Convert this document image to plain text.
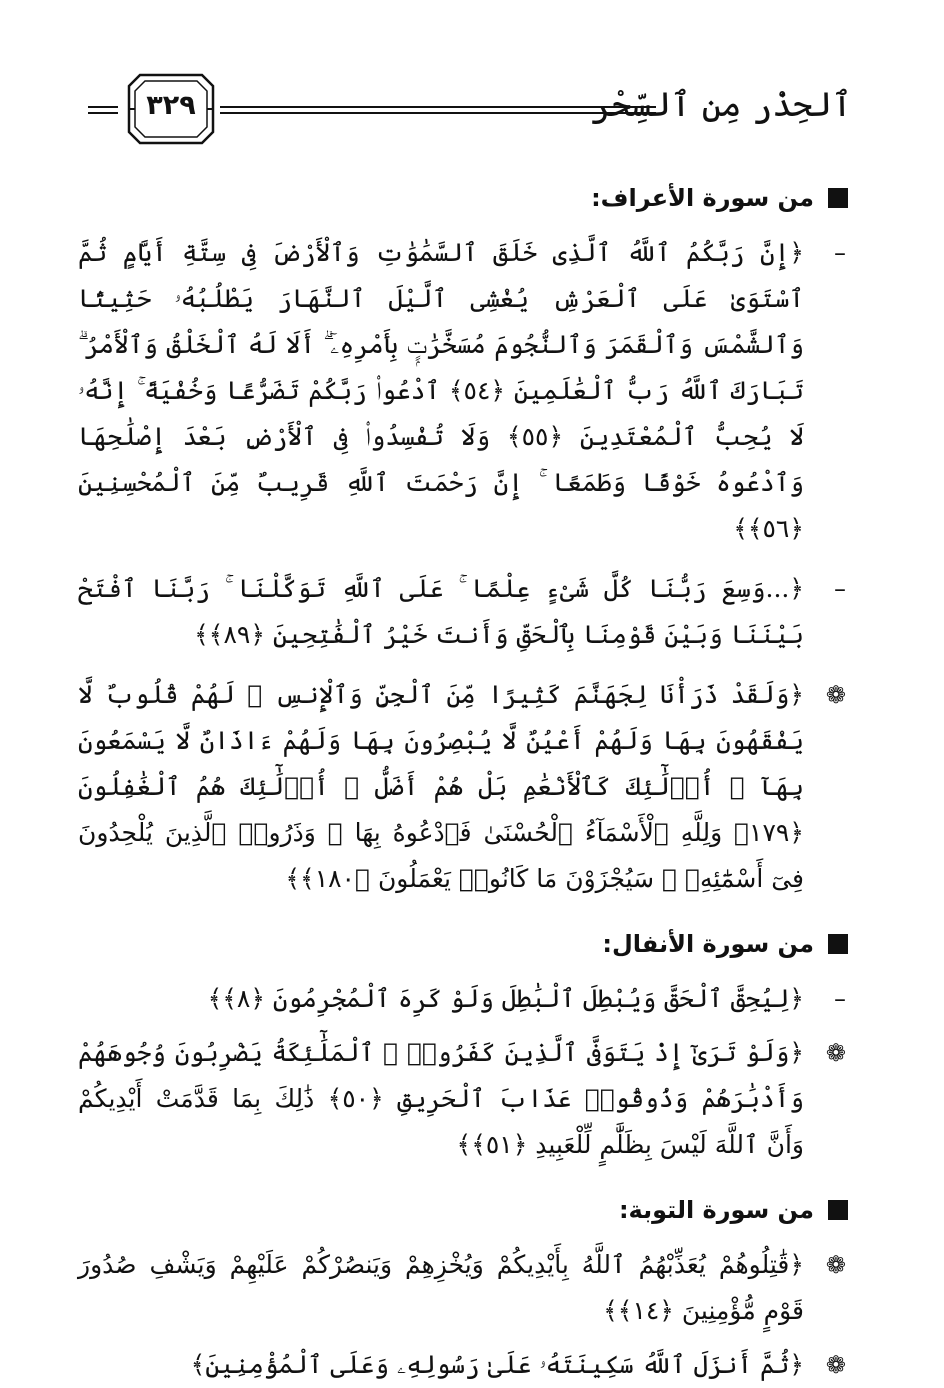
ٱلحِذْر مِن ٱلسِّحْر
٣٢٩
من سورة الأعراف:
–
﴿إِنَّ رَبَّكُمُ ٱللَّهُ ٱلَّذِى خَلَقَ ٱلسَّمَٰوَٰتِ وَٱلْأَرْضَ فِى سِتَّةِ أَيَّامٍ ثُمَّ ٱسْتَوَىٰ عَلَى ٱلْعَرْشِ يُغْشِى ٱلَّيْلَ ٱلنَّهَارَ يَطْلُبُهُۥ حَثِيثًا وَٱلشَّمْسَ وَٱلْقَمَرَ وَٱلنُّجُومَ مُسَخَّرَٰتٍۭ بِأَمْرِهِۦٓ ۗ أَلَا لَهُ ٱلْخَلْقُ وَٱلْأَمْرُ ۗ تَبَارَكَ ٱللَّهُ رَبُّ ٱلْعَٰلَمِينَ ﴿٥٤﴾ ٱدْعُوا۟ رَبَّكُمْ تَضَرُّعًا وَخُفْيَةً ۚ إِنَّهُۥ لَا يُحِبُّ ٱلْمُعْتَدِينَ ﴿٥٥﴾ وَلَا تُفْسِدُوا۟ فِى ٱلْأَرْضِ بَعْدَ إِصْلَٰحِهَا وَٱدْعُوهُ خَوْفًا وَطَمَعًا ۚ إِنَّ رَحْمَتَ ٱللَّهِ قَرِيبٌ مِّنَ ٱلْمُحْسِنِينَ ﴿٥٦﴾﴾
–
﴿...وَسِعَ رَبُّنَا كُلَّ شَىْءٍ عِلْمًا ۚ عَلَى ٱللَّهِ تَوَكَّلْنَا ۚ رَبَّنَا ٱفْتَحْ بَيْنَنَا وَبَيْنَ قَوْمِنَا بِٱلْحَقِّ وَأَنتَ خَيْرُ ٱلْفَٰتِحِينَ ﴿٨٩﴾﴾
❁
﴿وَلَقَدْ ذَرَأْنَا لِجَهَنَّمَ كَثِيرًا مِّنَ ٱلْجِنِّ وَٱلْإِنسِ ۖ لَهُمْ قُلُوبٌ لَّا يَفْقَهُونَ بِهَا وَلَهُمْ أَعْيُنٌ لَّا يُبْصِرُونَ بِهَا وَلَهُمْ ءَاذَانٌ لَّا يَسْمَعُونَ بِهَآ ۚ أُو۟لَٰٓئِكَ كَٱلْأَنْعَٰمِ بَلْ هُمْ أَضَلُّ ۚ أُو۟لَٰٓئِكَ هُمُ ٱلْغَٰفِلُونَ ﴿١٧٩﴾ وَلِلَّهِ ٱلْأَسْمَآءُ ٱلْحُسْنَىٰ فَٱدْعُوهُ بِهَا ۖ وَذَرُوا۟ ٱلَّذِينَ يُلْحِدُونَ فِىٓ أَسْمَٰٓئِهِۦ ۚ سَيُجْزَوْنَ مَا كَانُوا۟ يَعْمَلُونَ ﴿١٨٠﴾﴾
من سورة الأنفال:
–
﴿لِيُحِقَّ ٱلْحَقَّ وَيُبْطِلَ ٱلْبَٰطِلَ وَلَوْ كَرِهَ ٱلْمُجْرِمُونَ ﴿٨﴾﴾
❁
﴿وَلَوْ تَرَىٰٓ إِذْ يَتَوَفَّى ٱلَّذِينَ كَفَرُوا۟ ۙ ٱلْمَلَٰٓئِكَةُ يَضْرِبُونَ وُجُوهَهُمْ وَأَدْبَٰرَهُمْ وَذُوقُوا۟ عَذَابَ ٱلْحَرِيقِ ﴿٥٠﴾ ذَٰلِكَ بِمَا قَدَّمَتْ أَيْدِيكُمْ وَأَنَّ ٱللَّهَ لَيْسَ بِظَلَّٰمٍ لِّلْعَبِيدِ ﴿٥١﴾﴾
من سورة التوبة:
❁
﴿قَٰتِلُوهُمْ يُعَذِّبْهُمُ ٱللَّهُ بِأَيْدِيكُمْ وَيُخْزِهِمْ وَيَنصُرْكُمْ عَلَيْهِمْ وَيَشْفِ صُدُورَ قَوْمٍ مُّؤْمِنِينَ ﴿١٤﴾﴾
❁
﴿ثُمَّ أَنزَلَ ٱللَّهُ سَكِينَتَهُۥ عَلَىٰ رَسُولِهِۦ وَعَلَى ٱلْمُؤْمِنِينَ﴾
